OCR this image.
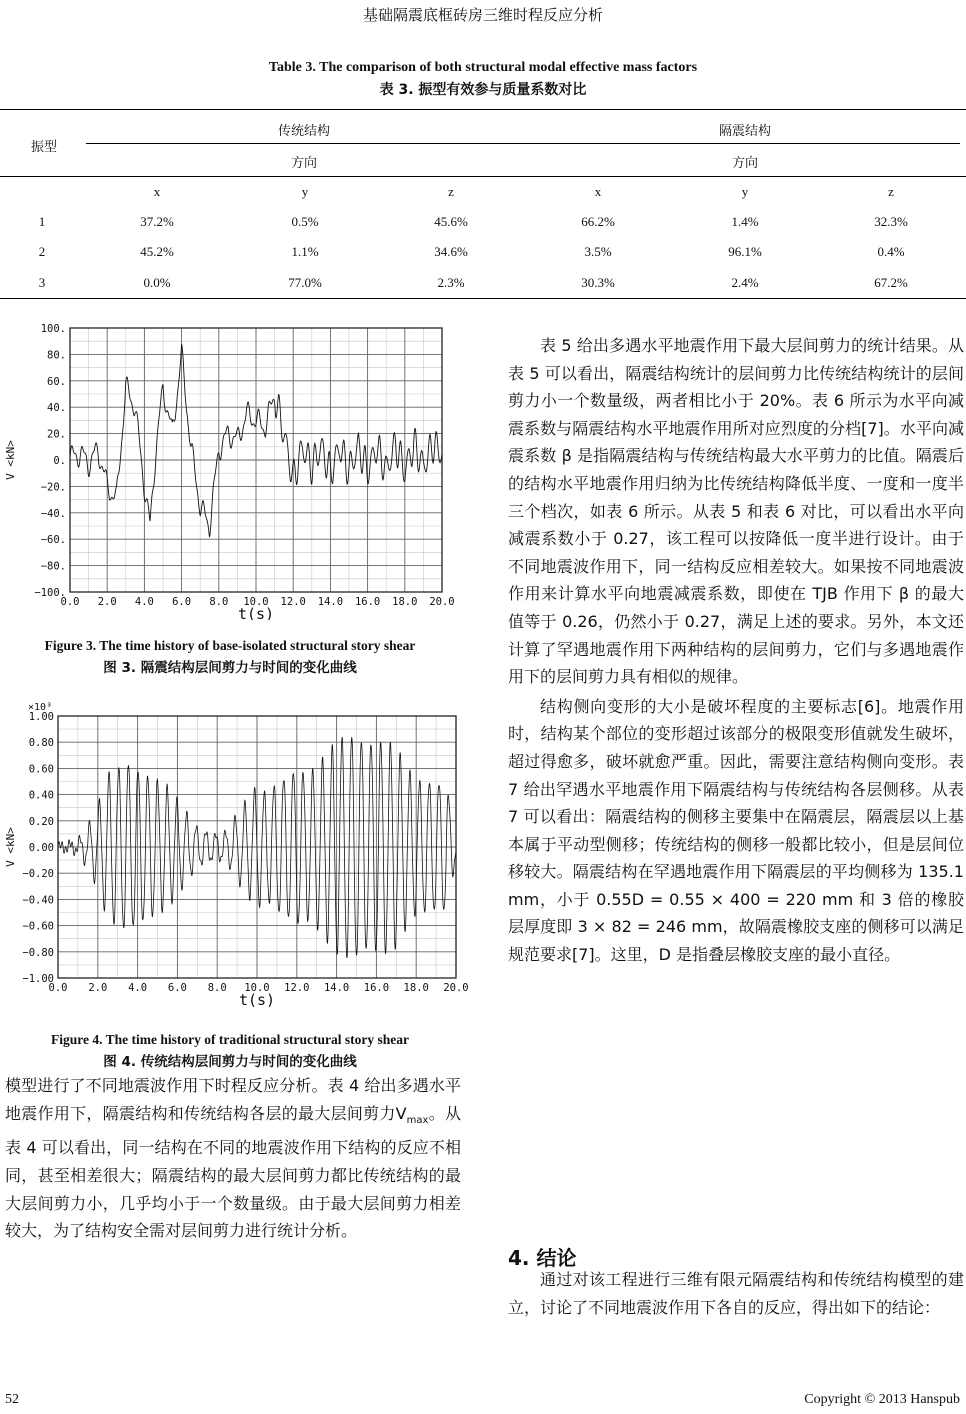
基础隔震底框砖房三维时程反应分析
Table 3. The comparison of both structural modal effective mass factors
表 3. 振型有效参与质量系数对比
振型
传统结构	隔震结构
方向	方向
x	y	z	x	y	z
1	37.2%	0.5%	45.6%	66.2%	1.4%	32.3%
2	45.2%	1.1%	34.6%	3.5%	96.1%	0.4%
3	0.0%	77.0%	2.3%	30.3%	2.4%	67.2%
0.0 2.0 4.0 6.0 8.0 10.0 12.0 14.0 16.0 18.0 20.0
100.
80.
60.
40.
20.
0.
−20.
−40.
−60.
−80.
−100.
t(s)
V <kN>
Figure 3. The time history of base-isolated structural story shear
图 3. 隔震结构层间剪力与时间的变化曲线
0.0 2.0 4.0 6.0 8.0 10.0 12.0 14.0 16.0 18.0 20.0
1.00
0.80
0.60
0.40
0.20
0.00
−0.20
−0.40
−0.60
−0.80
−1.00
t(s)
V <kN>
×10³
Figure 4. The time history of traditional structural story shear
图 4. 传统结构层间剪力与时间的变化曲线

模型进行了不同地震波作用下时程反应分析。表 4 给出多遇水平地震作用下，隔震结构和传统结构各层的最大层间剪力$V_{max}$。从表 4 可以看出，同一结构在不同的地震波作用下结构的反应不相同，甚至相差很大；隔震结构的最大层间剪力都比传统结构的最大层间剪力小，几乎均小于一个数量级。由于最大层间剪力相差较大，为了结构安全需对层间剪力进行统计分析。

表 5 给出多遇水平地震作用下最大层间剪力的统计结果。从表 5 可以看出，隔震结构统计的层间剪力比传统结构统计的层间剪力小一个数量级，两者相比小于 20%。表 6 所示为水平向减震系数与隔震结构水平地震作用所对应烈度的分档[7]。水平向减震系数 β 是指隔震结构与传统结构最大水平剪力的比值。隔震后的结构水平地震作用归纳为比传统结构降低半度、一度和一度半三个档次，如表 6 所示。从表 5 和表 6 对比，可以看出水平向减震系数小于 0.27，该工程可以按降低一度半进行设计。由于不同地震波作用下，同一结构反应相差较大。如果按不同地震波作用来计算水平向地震减震系数，即使在 TJB 作用下 β 的最大值等于 0.26，仍然小于 0.27，满足上述的要求。另外，本文还计算了罕遇地震作用下两种结构的层间剪力，它们与多遇地震作用下的层间剪力具有相似的规律。

结构侧向变形的大小是破坏程度的主要标志[6]。地震作用时，结构某个部位的变形超过该部分的极限变形值就发生破坏，超过得愈多，破坏就愈严重。因此，需要注意结构侧向变形。表 7 给出罕遇水平地震作用下隔震结构与传统结构各层侧移。从表 7 可以看出：隔震结构的侧移主要集中在隔震层，隔震层以上基本属于平动型侧移；传统结构的侧移一般都比较小，但是层间位移较大。隔震结构在罕遇地震作用下隔震层的平均侧移为 135.1 mm，小于 0.55D = 0.55 × 400 = 220 mm 和 3 倍的橡胶层厚度即 3 × 82 = 246 mm，故隔震橡胶支座的侧移可以满足规范要求[7]。这里，D 是指叠层橡胶支座的最小直径。

4. 结论

通过对该工程进行三维有限元隔震结构和传统结构模型的建立，讨论了不同地震波作用下各自的反应，得出如下的结论：

52	Copyright © 2013 Hanspub
